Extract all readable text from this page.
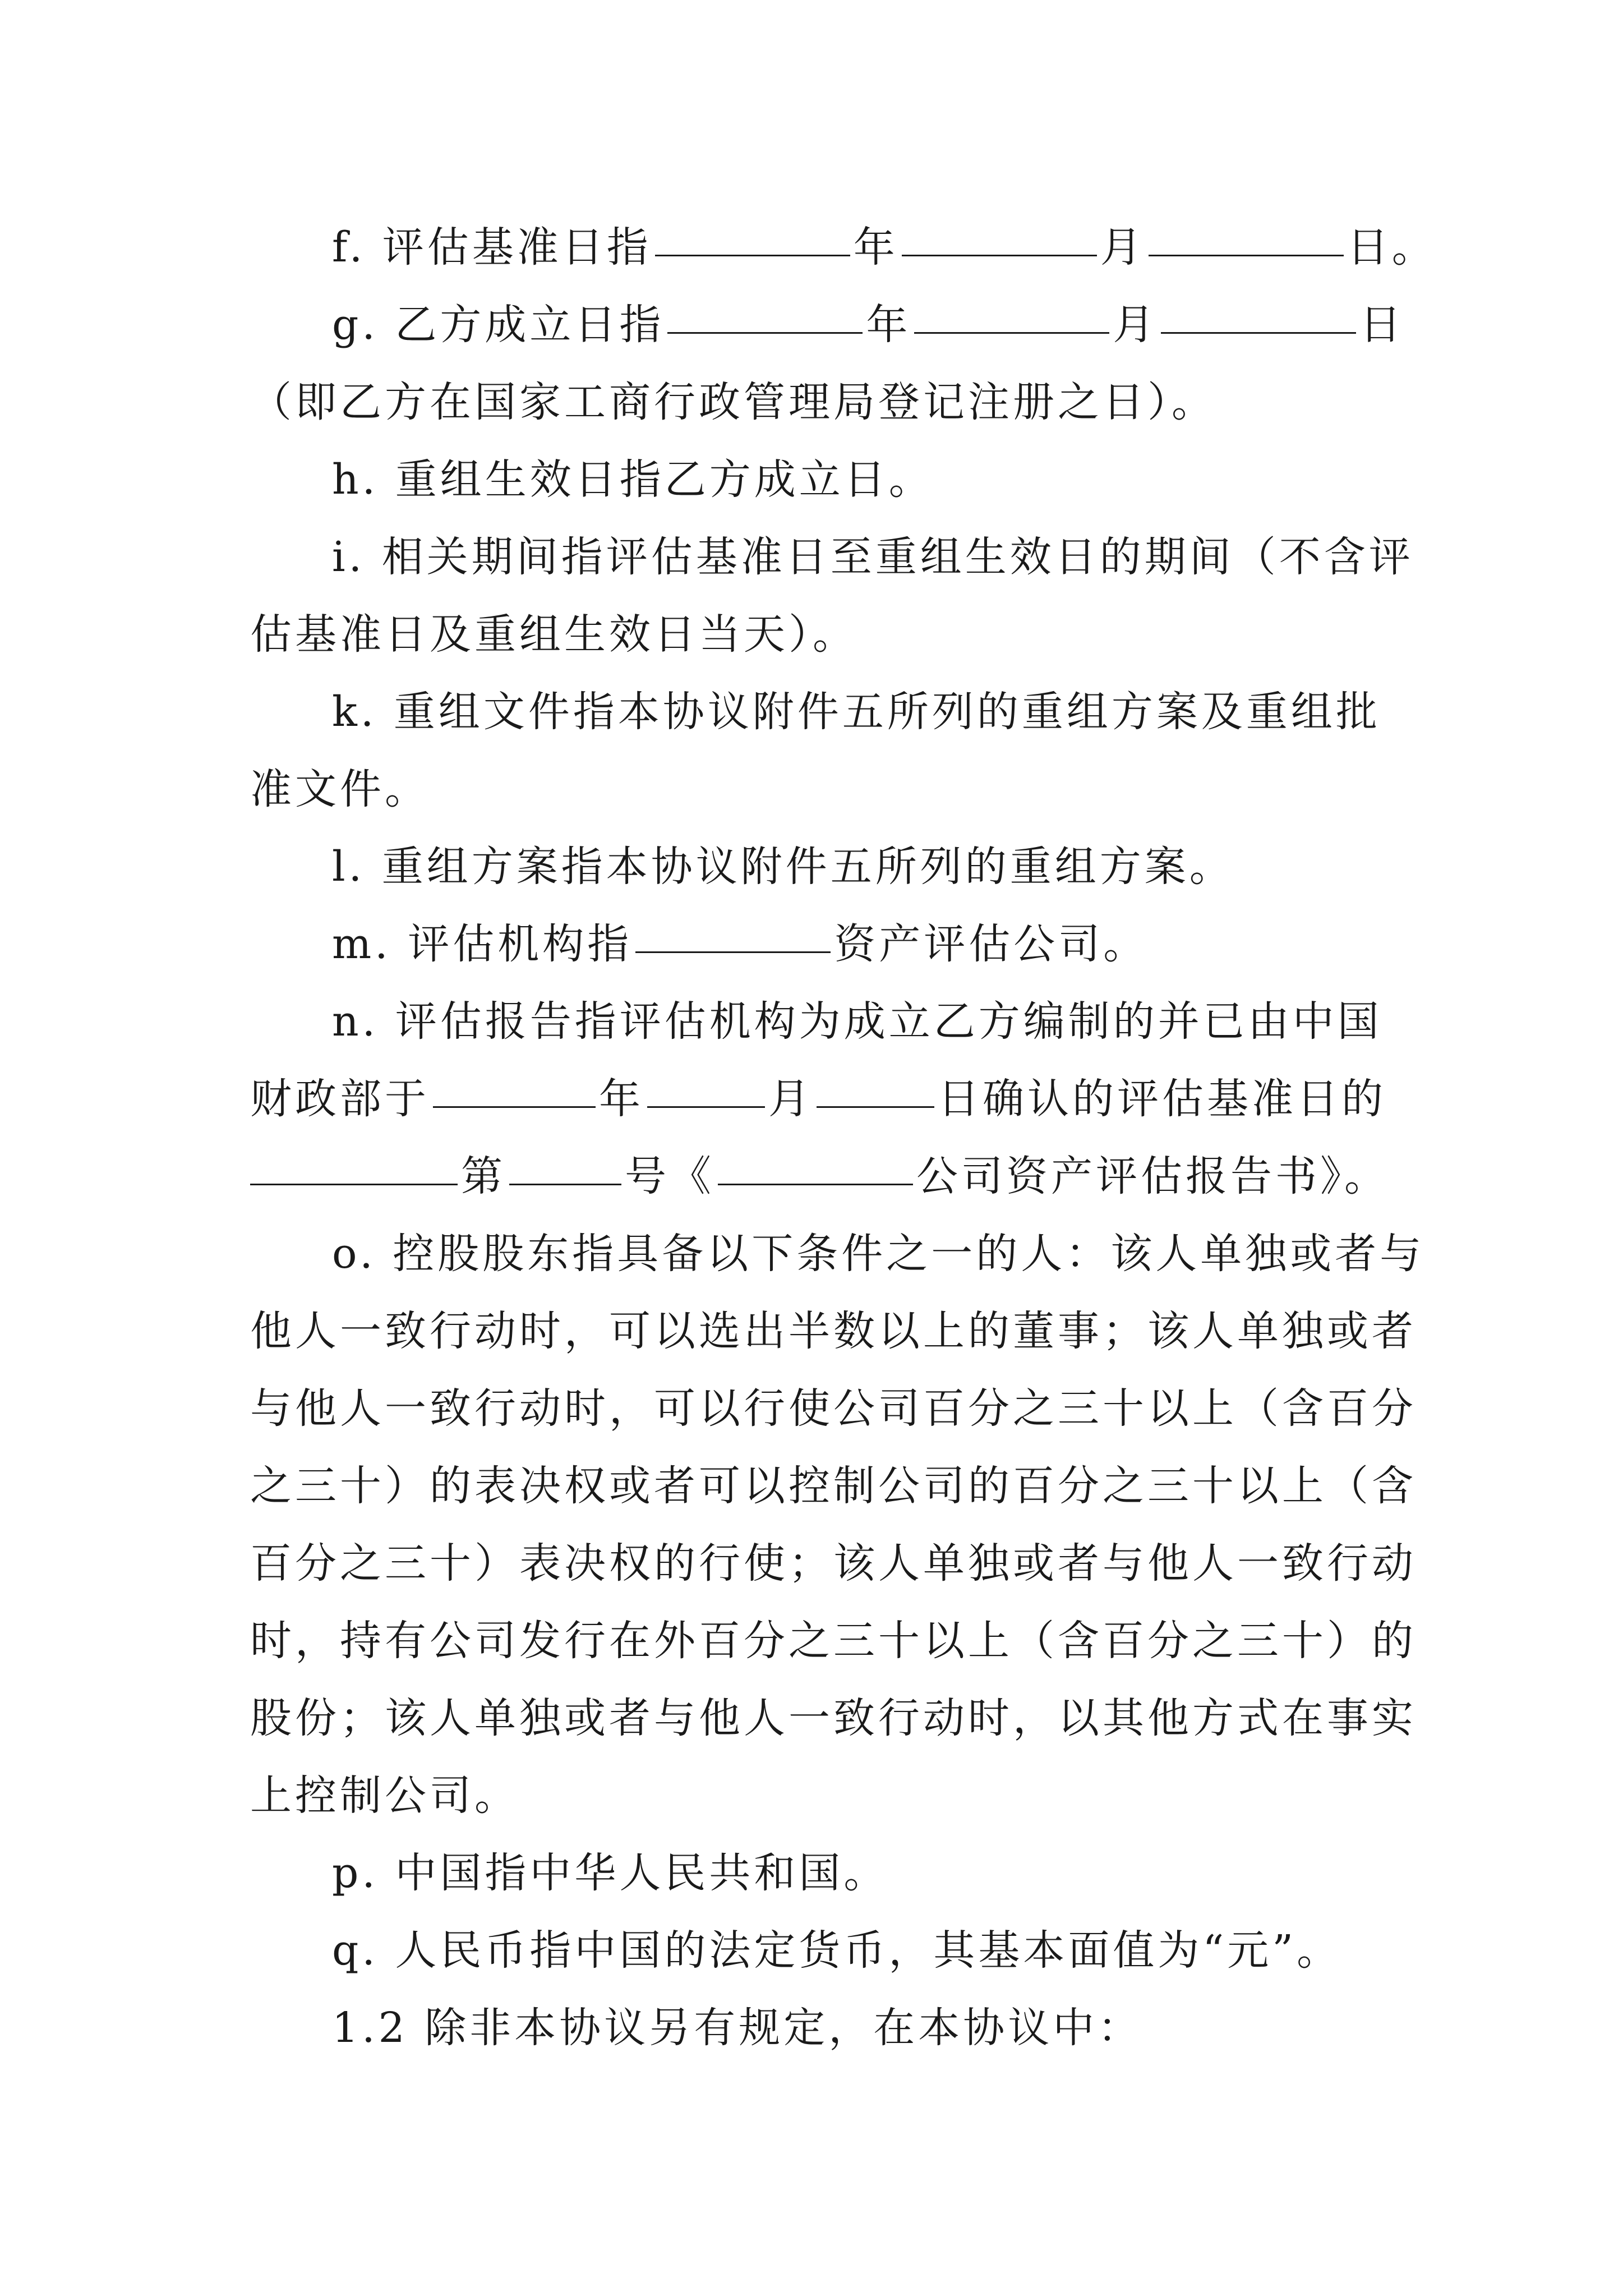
f. 评估基准日指	年	月	日。
g. 乙方成立日指	年	月	日
（即乙方在国家工商行政管理局登记注册之日）。
h. 重组生效日指乙方成立日。
i. 相关期间指评估基准日至重组生效日的期间（不含评
估基准日及重组生效日当天）。
k. 重组文件指本协议附件五所列的重组方案及重组批
准文件。
l. 重组方案指本协议附件五所列的重组方案。
m. 评估机构指	资产评估公司。
n. 评估报告指评估机构为成立乙方编制的并已由中国
财政部于	年	月	日确认的评估基准日的
第	号《	公司资产评估报告书》。
o. 控股股东指具备以下条件之一的人：该人单独或者与
他人一致行动时，可以选出半数以上的董事；该人单独或者
与他人一致行动时，可以行使公司百分之三十以上（含百分
之三十）的表决权或者可以控制公司的百分之三十以上（含
百分之三十）表决权的行使；该人单独或者与他人一致行动
时，持有公司发行在外百分之三十以上（含百分之三十）的
股份；该人单独或者与他人一致行动时，以其他方式在事实
上控制公司。
p. 中国指中华人民共和国。
q. 人民币指中国的法定货币，其基本面值为“元”。
1.2 除非本协议另有规定，在本协议中：
